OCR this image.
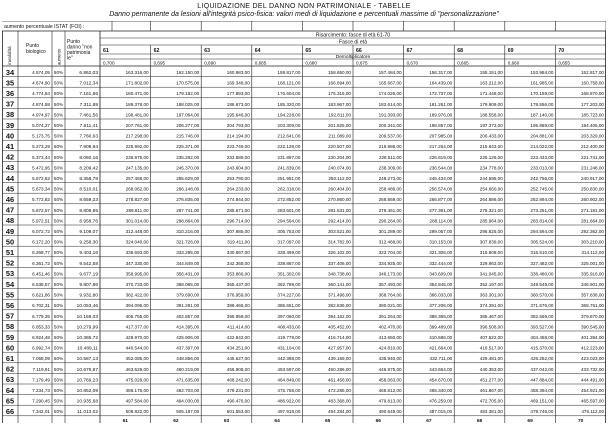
LIQUIDAZIONE DEL DANNO NON PATRIMONIALE - TABELLE
Danno permanente da lesioni all'integrità psico-fisica: valori medi di liquidazione e percentuali massime di "personalizzazione"
aumento percentuale ISTAT (FOI) :
invalidità
Punto
biologico	aumento
Punto
danno "non
patrimonia
le"
Risarcimento: fasce di età 61-70
Fasce di età
61	62	63	64	65	66	67	68	69	70
Demoltiplicatore
0,700	0,695	0,690	0,685	0,680	0,675	0,670	0,665	0,660	0,655
34	4.574,05 50%	6.862,03	163.316,00	162.150,00	160.983,00	159.817,00	158.650,00	157.484,00	156.317,00	155.151,00	153.984,00	152.817,00
35	4.674,90 50%	7.012,34	171.802,00	170.575,00	169.348,00	168.121,00	166.894,00	165.667,00	164.439,00	163.212,00	161.985,00	160.758,00
36	4.774,84 50%	7.161,66	180.471,00	179.182,00	177.893,00	176.604,00	175.315,00	174.026,00	172.737,00	171.448,00	170.159,00	168.870,00
37	4.874,58 50%	7.311,88	189.378,00	188.025,00	186.673,00	185.320,00	183.967,00	182.614,00	181.261,00	179.909,00	178.556,00	177.203,00
38	4.974,97 50%	7.461,56	198.481,00	197.064,00	195.646,00	194.228,00	192.811,00	191.393,00	189.976,00	188.558,00	187.140,00	185.723,00
39	5.074,27 50%	7.611,41	207.761,00	206.277,00	204.793,00	203.309,00	201.825,00	200.341,00	198.857,00	197.373,00	195.889,00	194.405,00
40	5.173,75 50%	7.760,63	217.298,00	215.746,00	214.194,00	212.641,00	211.089,00	209.537,00	207.985,00	206.433,00	204.881,00	203.329,00
41	5.273,29 50%	7.909,94	226.992,00	225.371,00	223.749,00	222.128,00	220.507,00	218.886,00	217.264,00	215.643,00	214.022,00	212.400,00
42	5.373,44 50%	8.060,16	236.975,00	235.282,00	233.589,00	231.897,00	230.204,00	228.511,00	226.819,00	225.126,00	223.433,00	221.741,00
43	5.472,95 50%	8.209,42	247.135,00	245.370,00	243.604,00	241.839,00	240.074,00	238.309,00	236.544,00	234.778,00	233.013,00	231.248,00
44	5.572,52 50%	8.358,78	257.468,00	255.629,00	253.790,00	251.951,00	250.112,00	248.273,00	246.434,00	244.595,00	242.756,00	240.917,00
45	5.673,34 50%	8.510,01	268.062,00	266.148,00	264.233,00	262.318,00	260.404,00	258.489,00	256.574,00	254.660,00	252.745,00	250.830,00
46	5.772,82 50%	8.659,23	278.827,00	276.835,00	274.844,00	272.852,00	270.860,00	268.869,00	266.877,00	264.886,00	262.894,00	260.902,00
47	5.872,57 50%	8.808,85	289.811,00	287.741,00	285.671,00	283.601,00	281.531,00	279.461,00	277.391,00	275.321,00	273.251,00	271.181,00
48	5.972,51 50%	8.958,76	301.014,00	298.864,00	296.714,00	294.564,00	292.414,00	290.264,00	288.114,00	285.964,00	283.814,00	281.664,00
49	6.072,72 50%	9.109,07	312.448,00	310.216,00	307.985,00	305.753,00	303.521,00	301.289,00	299.057,00	296.825,00	294.594,00	292.362,00
50	6.172,20 50%	9.258,30	324.040,00	321.726,00	319.411,00	317.097,00	314.782,00	312.468,00	310.153,00	307.839,00	305.524,00	303.210,00
51	6.268,77 50%	9.403,16	335.693,00	333.295,00	330.897,00	328.499,00	326.102,00	323.704,00	321.306,00	318.908,00	316.510,00	314.112,00
52	6.361,72 50%	9.542,58	347.330,00	344.849,00	342.368,00	339.887,00	337.406,00	334.925,00	332.444,00	329.963,00	327.482,00	325.001,00
53	6.451,46 50%	9.677,19	358.995,00	356.431,00	353.866,00	351.302,00	348.738,00	346.173,00	343.609,00	341.045,00	338.480,00	335.916,00
54	6.538,57 50%	9.807,86	370.733,00	368.085,00	365.437,00	362.789,00	360.141,00	357.493,00	354.845,00	352.197,00	349.549,00	346.901,00
55	6.621,86 50%	9.932,80	382.422,00	379.690,00	376.959,00	374.227,00	371.496,00	368.764,00	366.033,00	363.301,00	360.570,00	357.838,00
56	6.702,31 50%	10.053,46	394.096,00	391.281,00	388.466,00	385.651,00	382.836,00	380.021,00	377.206,00	374.391,00	371.576,00	368.761,00
57	6.779,35 50%	10.169,03	405.755,00	402.857,00	399.959,00	397.060,00	394.162,00	391.264,00	388.365,00	385.467,00	382.569,00	379.670,00
58	6.853,33 50%	10.279,99	417.377,00	414.395,00	411.414,00	408.433,00	405.452,00	402.470,00	399.489,00	396.508,00	393.527,00	390.545,00
59	6.924,48 50%	10.386,72	428.970,00	425.906,00	422.842,00	419.778,00	416.714,00	413.650,00	410.586,00	407.522,00	404.458,00	401.394,00
60	6.992,74 50%	10.489,11	440.544,00	437.397,00	434.251,00	431.104,00	427.957,00	424.810,00	421.664,00	418.517,00	415.370,00	412.223,00
61	7.058,09 50%	10.587,13	452.085,00	448.856,00	445.627,00	442.398,00	439.169,00	435.940,00	432.711,00	429.481,00	426.252,00	423.023,00
62	7.119,91 50%	10.679,87	463.529,00	460.219,00	456.908,00	453.597,00	450.286,00	446.975,00	443.664,00	440.353,00	437.042,00	433.732,00
63	7.179,49 50%	10.769,23	475.028,00	471.635,00	468.242,00	464.849,00	461.456,00	458.063,00	454.670,00	451.277,00	447.884,00	444.491,00
64	7.234,73 50%	10.852,09	486.176,00	482.703,00	479.231,00	475.758,00	472.285,00	468.812,00	465.340,00	461.867,00	458.394,00	454.921,00
65	7.290,45 50%	10.935,68	497.584,00	494.030,00	490.476,00	486.922,00	483.368,00	479.813,00	476.259,00	472.705,00	469.151,00	465.597,00
66	7.342,01 50%	11.013,02	508.822,00	505.187,00	501.553,00	497.918,00	494.284,00	490.649,00	487.015,00	483.381,00	479.746,00	476.112,00
61	62	63	64	65	66	67	68	69	70
